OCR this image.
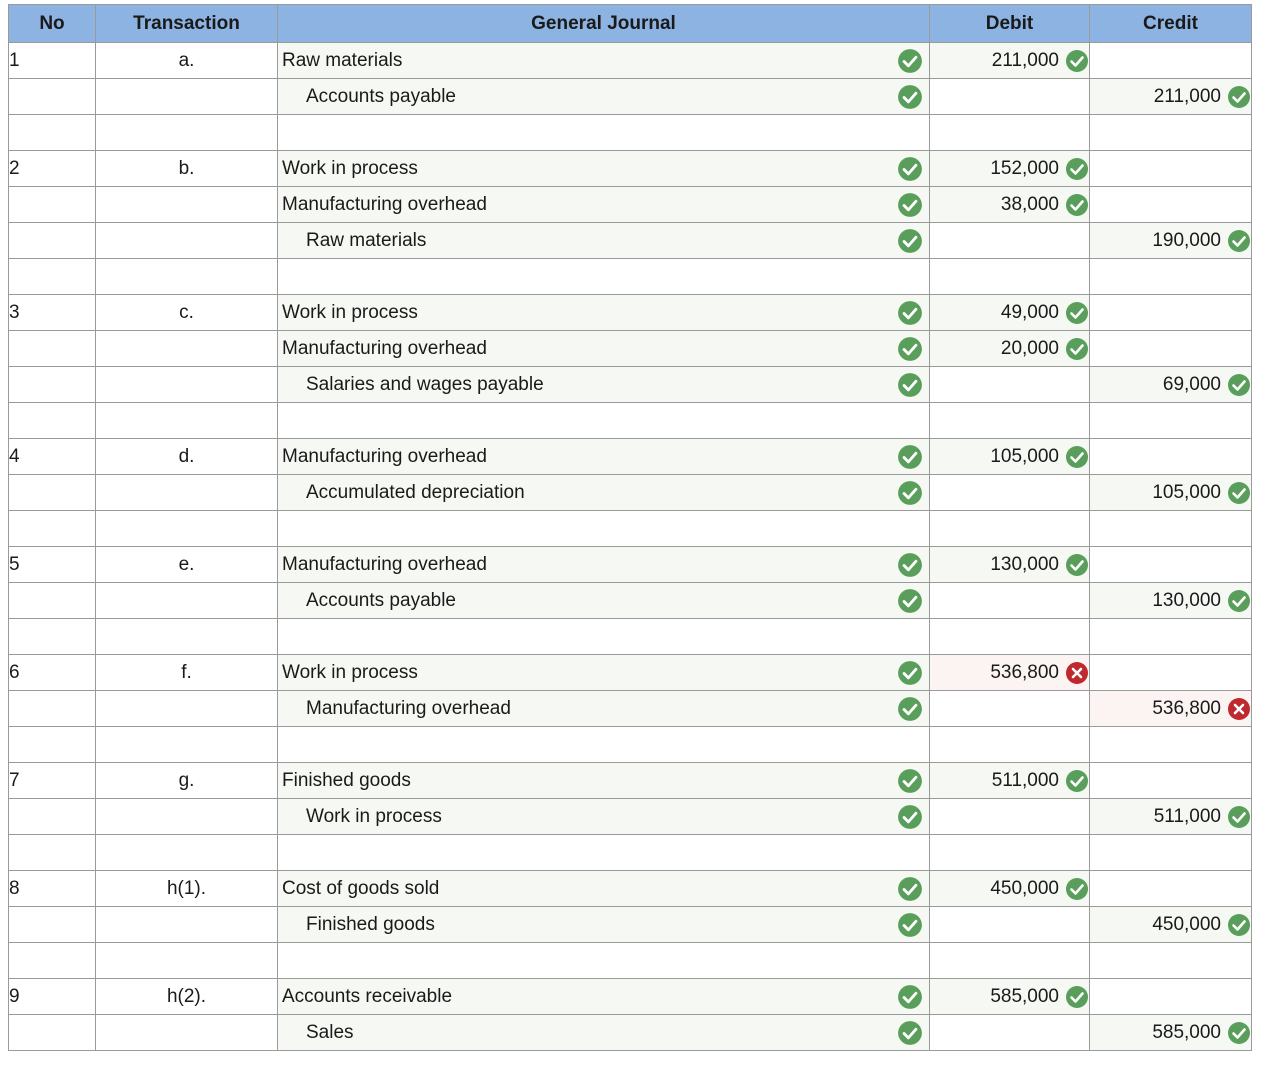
No	Transaction	General Journal	Debit	Credit
1	a.	Raw materials	211,000	

		Accounts payable		211,000

2	b.	Work in process	152,000	

		Manufacturing overhead	38,000	

		Raw materials		190,000

3	c.	Work in process	49,000	

		Manufacturing overhead	20,000	

		Salaries and wages payable		69,000

4	d.	Manufacturing overhead	105,000	

		Accumulated depreciation		105,000

5	e.	Manufacturing overhead	130,000	

		Accounts payable		130,000

6	f.	Work in process	536,800	

		Manufacturing overhead		536,800

7	g.	Finished goods	511,000	

		Work in process		511,000

8	h(1).	Cost of goods sold	450,000	

		Finished goods		450,000

9	h(2).	Accounts receivable	585,000	

		Sales		585,000
